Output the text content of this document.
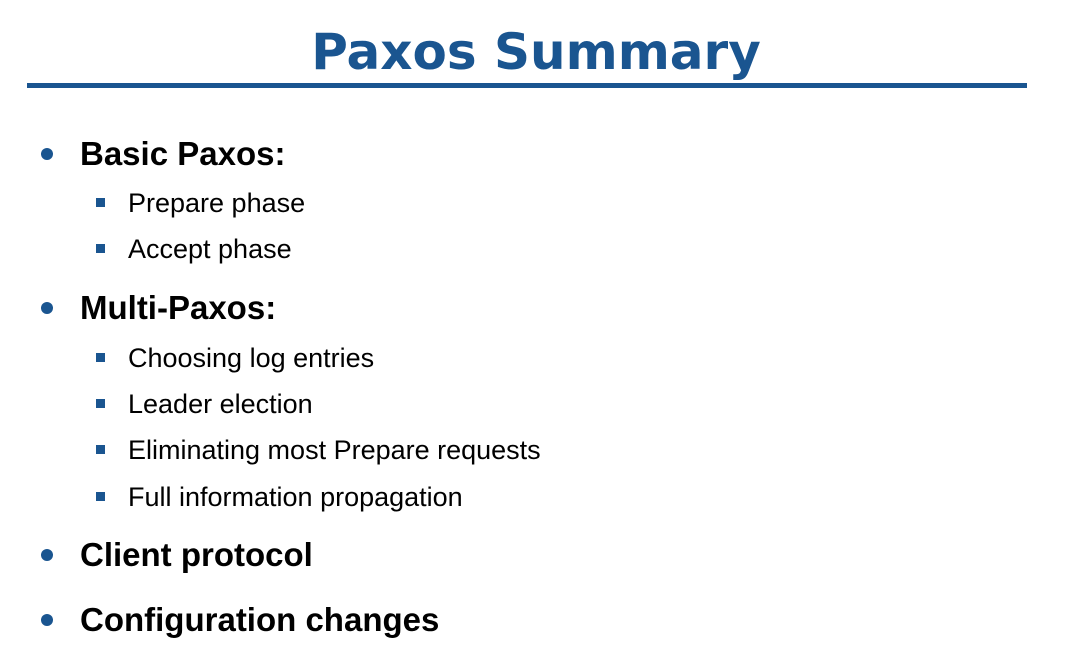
Paxos Summary
Basic Paxos:
Prepare phase
Accept phase
Multi-Paxos:
Choosing log entries
Leader election
Eliminating most Prepare requests
Full information propagation
Client protocol
Configuration changes
